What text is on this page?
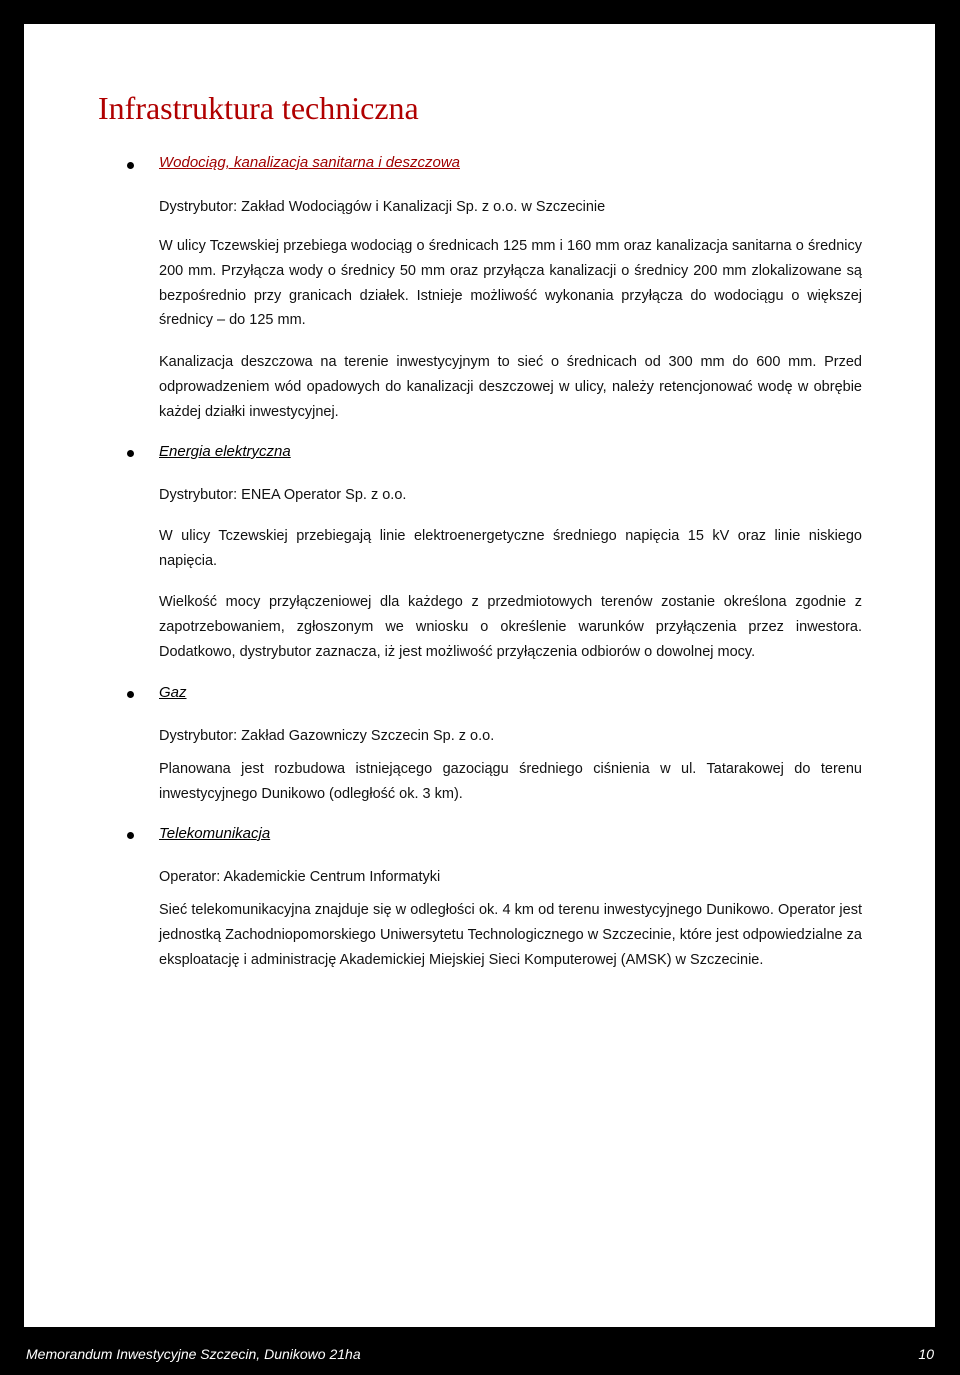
Infrastruktura techniczna

Wodociąg, kanalizacja sanitarna i deszczowa

Dystrybutor: Zakład Wodociągów i Kanalizacji Sp. z o.o. w Szczecinie

W ulicy Tczewskiej przebiega wodociąg o średnicach 125 mm i 160 mm oraz kanalizacja sanitarna o średnicy 200 mm. Przyłącza wody o średnicy 50 mm oraz przyłącza kanalizacji o średnicy 200 mm zlokalizowane są bezpośrednio przy granicach działek. Istnieje możliwość wykonania przyłącza do wodociągu o większej średnicy – do 125 mm.

Kanalizacja deszczowa na terenie inwestycyjnym to sieć o średnicach od 300 mm do 600 mm. Przed odprowadzeniem wód opadowych do kanalizacji deszczowej w ulicy, należy retencjonować wodę w obrębie każdej działki inwestycyjnej.

Energia elektryczna

Dystrybutor: ENEA Operator Sp. z o.o.

W ulicy Tczewskiej przebiegają linie elektroenergetyczne średniego napięcia 15 kV oraz linie niskiego napięcia.

Wielkość mocy przyłączeniowej dla każdego z przedmiotowych terenów zostanie określona zgodnie z zapotrzebowaniem, zgłoszonym we wniosku o określenie warunków przyłączenia przez inwestora. Dodatkowo, dystrybutor zaznacza, iż jest możliwość przyłączenia odbiorów o dowolnej mocy.

Gaz

Dystrybutor: Zakład Gazowniczy Szczecin Sp. z o.o.

Planowana jest rozbudowa istniejącego gazociągu średniego ciśnienia w ul. Tatarakowej do terenu inwestycyjnego Dunikowo (odległość ok. 3 km).

Telekomunikacja

Operator: Akademickie Centrum Informatyki

Sieć telekomunikacyjna znajduje się w odległości ok. 4 km od terenu inwestycyjnego Dunikowo. Operator jest jednostką Zachodniopomorskiego Uniwersytetu Technologicznego w Szczecinie, które jest odpowiedzialne za eksploatację i administrację Akademickiej Miejskiej Sieci Komputerowej (AMSK) w Szczecinie.

Memorandum Inwestycyjne Szczecin, Dunikowo 21ha	10
